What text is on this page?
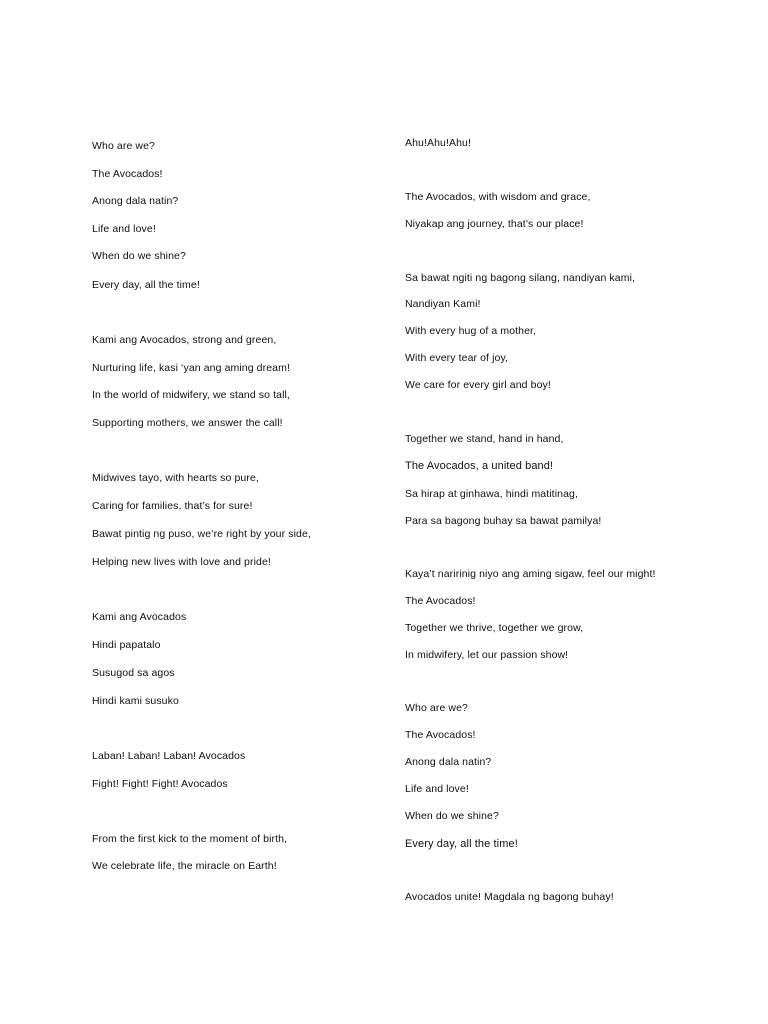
Who are we?
The Avocados!
Anong dala natin?
Life and love!
When do we shine?
Every day, all the time!
Kami ang Avocados, strong and green,
Nurturing life, kasi ‘yan ang aming dream!
In the world of midwifery, we stand so tall,
Supporting mothers, we answer the call!
Midwives tayo, with hearts so pure,
Caring for families, that’s for sure!
Bawat pintig ng puso, we’re right by your side,
Helping new lives with love and pride!
Kami ang Avocados
Hindi papatalo
Susugod sa agos
Hindi kami susuko
Laban! Laban! Laban! Avocados
Fight! Fight! Fight! Avocados
From the first kick to the moment of birth,
We celebrate life, the miracle on Earth!
Ahu!Ahu!Ahu!
The Avocados, with wisdom and grace,
Niyakap ang journey, that’s our place!
Sa bawat ngiti ng bagong silang, nandiyan kami,
Nandiyan Kami!
With every hug of a mother,
With every tear of joy,
We care for every girl and boy!
Together we stand, hand in hand,
The Avocados, a united band!
Sa hirap at ginhawa, hindi matitinag,
Para sa bagong buhay sa bawat pamilya!
Kaya’t naririnig niyo ang aming sigaw, feel our might!
The Avocados!
Together we thrive, together we grow,
In midwifery, let our passion show!
Who are we?
The Avocados!
Anong dala natin?
Life and love!
When do we shine?
Every day, all the time!
Avocados unite! Magdala ng bagong buhay!
